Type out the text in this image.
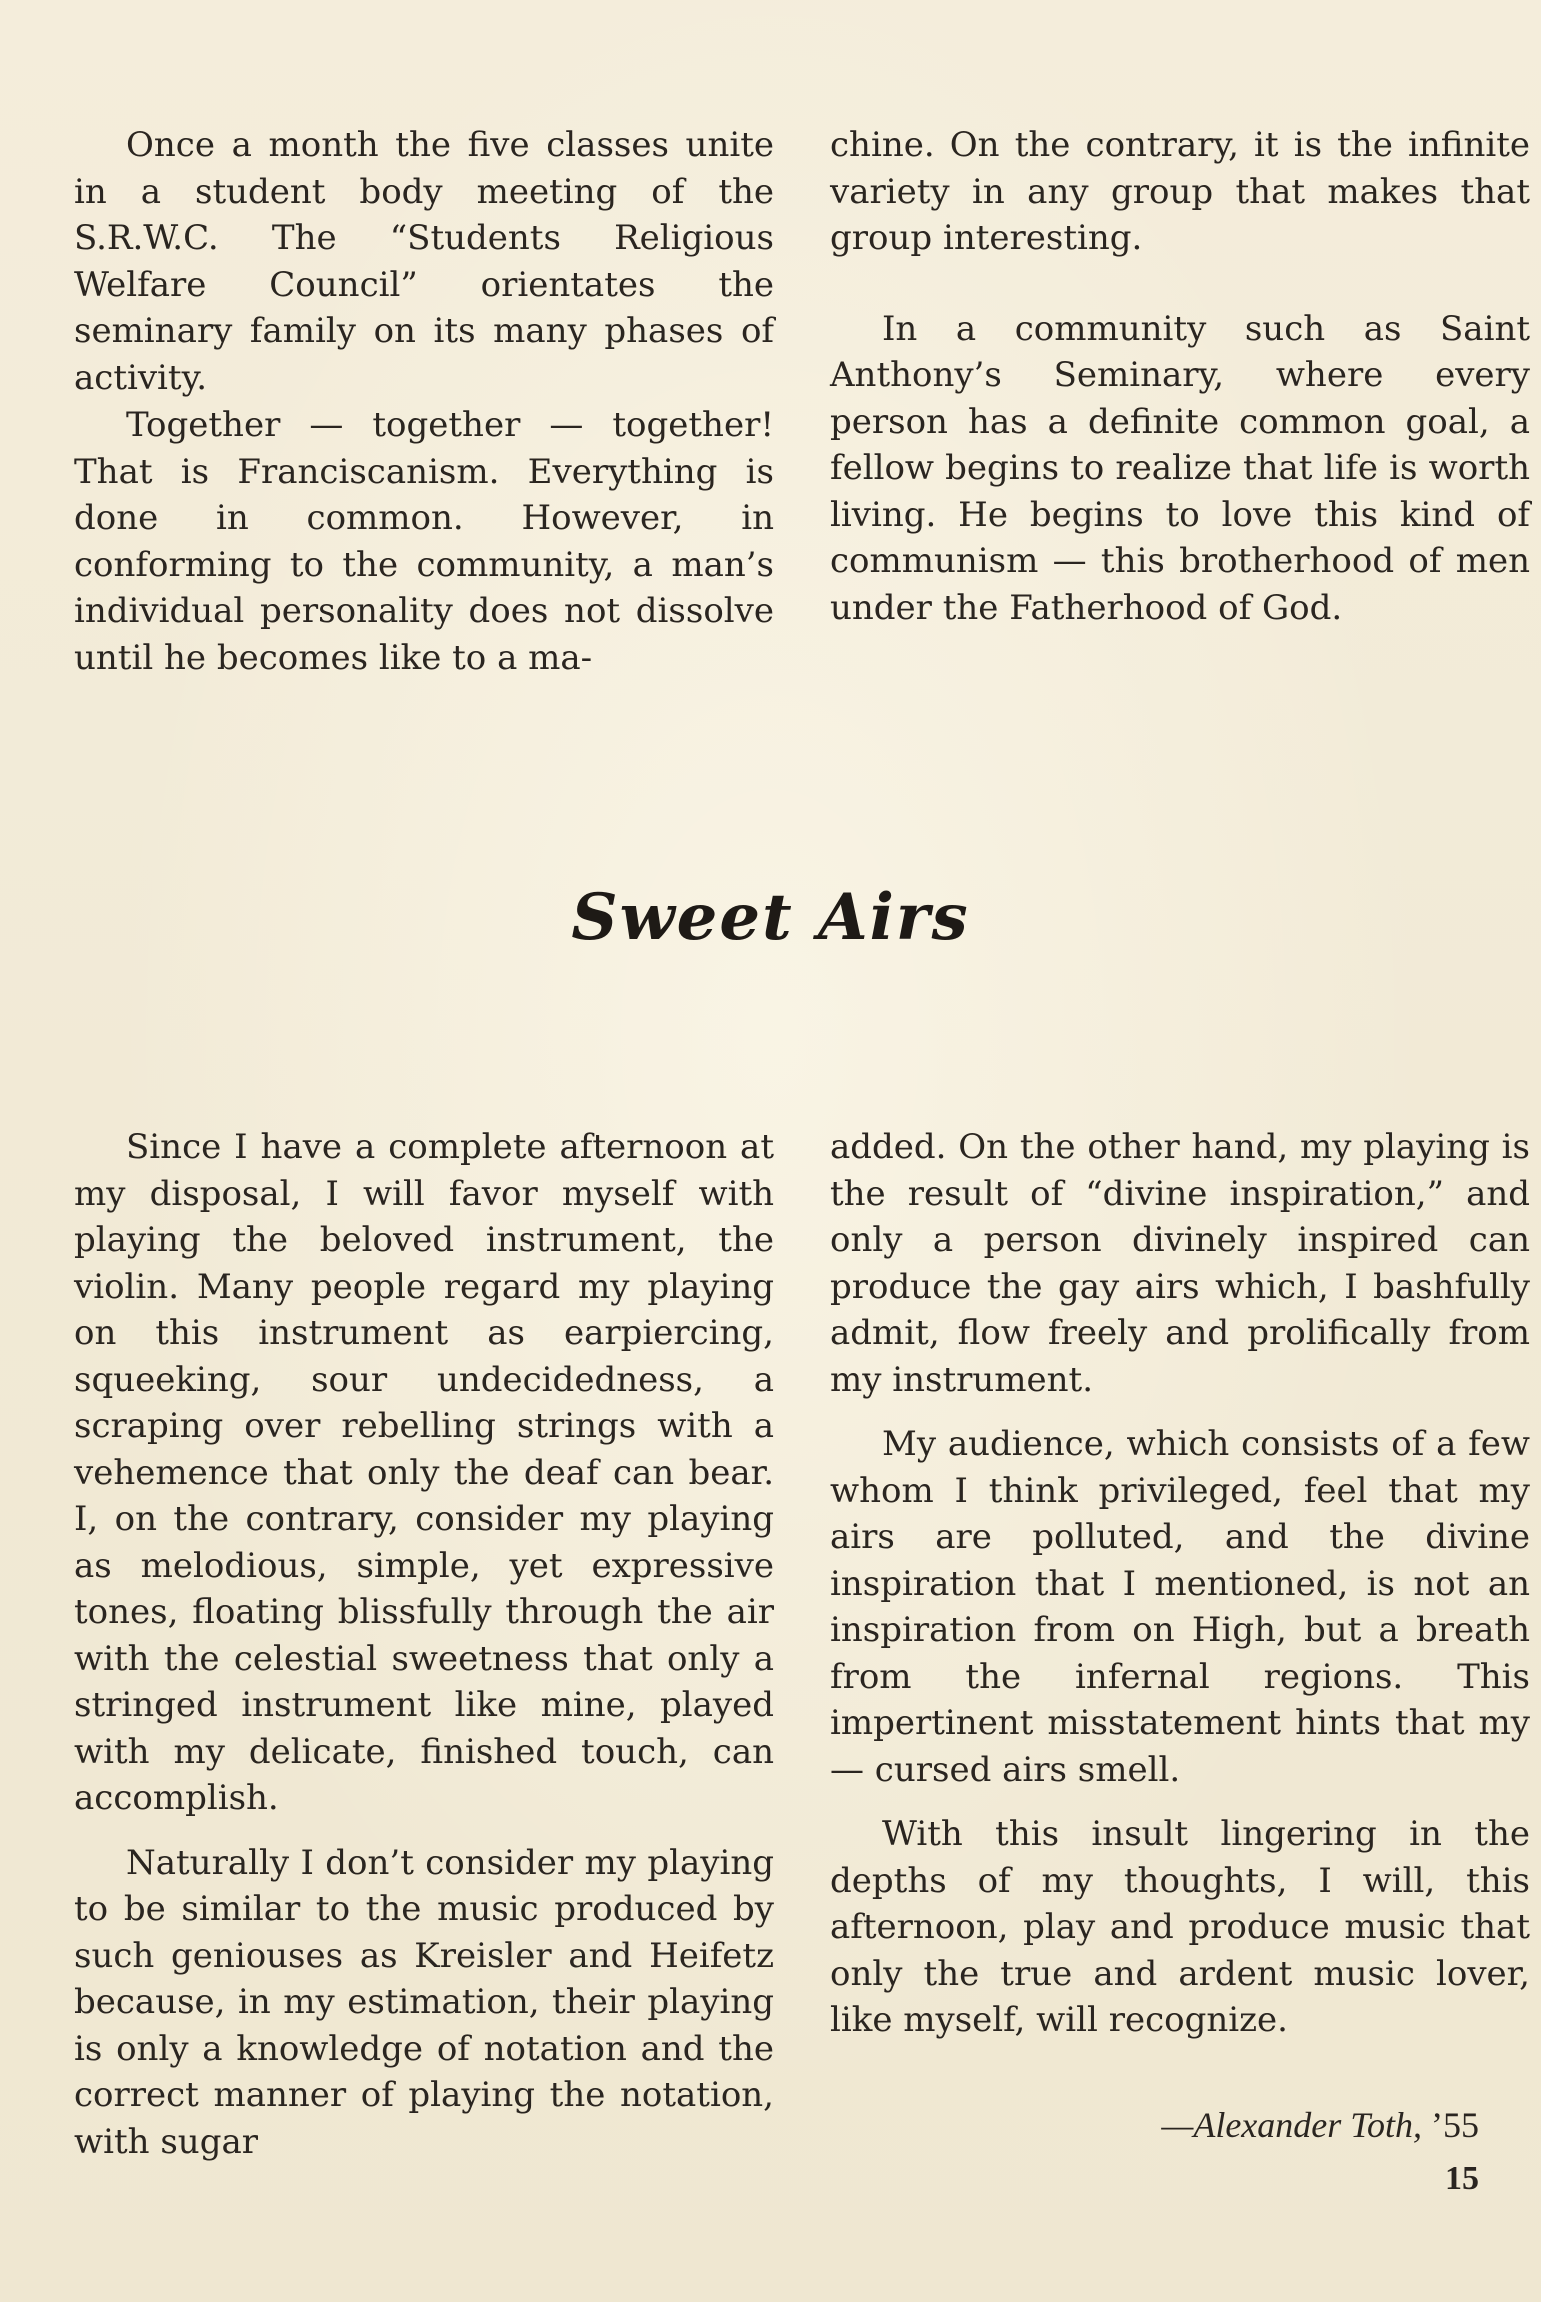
Once a month the five classes unite in a student body meeting of the S.R.W.C. The “Students Religious Welfare Council” orientates the seminary family on its many phases of activity.

Together — together — together! That is Franciscanism. Everything is done in common. However, in conforming to the community, a man’s individual personality does not dissolve until he becomes like to a ma-

chine. On the contrary, it is the infinite variety in any group that makes that group interesting.

In a community such as Saint Anthony’s Seminary, where every person has a definite common goal, a fellow begins to realize that life is worth living. He begins to love this kind of communism — this brotherhood of men under the Fatherhood of God.

Sweet Airs

Since I have a complete afternoon at my disposal, I will favor myself with playing the beloved instrument, the violin. Many people regard my playing on this instrument as earpiercing, squeeking, sour undecidedness, a scraping over rebelling strings with a vehemence that only the deaf can bear. I, on the contrary, consider my playing as melodious, simple, yet expressive tones, floating blissfully through the air with the celestial sweetness that only a stringed instrument like mine, played with my delicate, finished touch, can accomplish.

Naturally I don’t consider my playing to be similar to the music produced by such geniouses as Kreisler and Heifetz because, in my estimation, their playing is only a knowledge of notation and the correct manner of playing the notation, with sugar

added. On the other hand, my playing is the result of “divine inspiration,” and only a person divinely inspired can produce the gay airs which, I bashfully admit, flow freely and prolifically from my instrument.

My audience, which consists of a few whom I think privileged, feel that my airs are polluted, and the divine inspiration that I mentioned, is not an inspiration from on High, but a breath from the infernal regions. This impertinent misstatement hints that my — cursed airs smell.

With this insult lingering in the depths of my thoughts, I will, this afternoon, play and produce music that only the true and ardent music lover, like myself, will recognize.

—Alexander Toth, ’55
15
